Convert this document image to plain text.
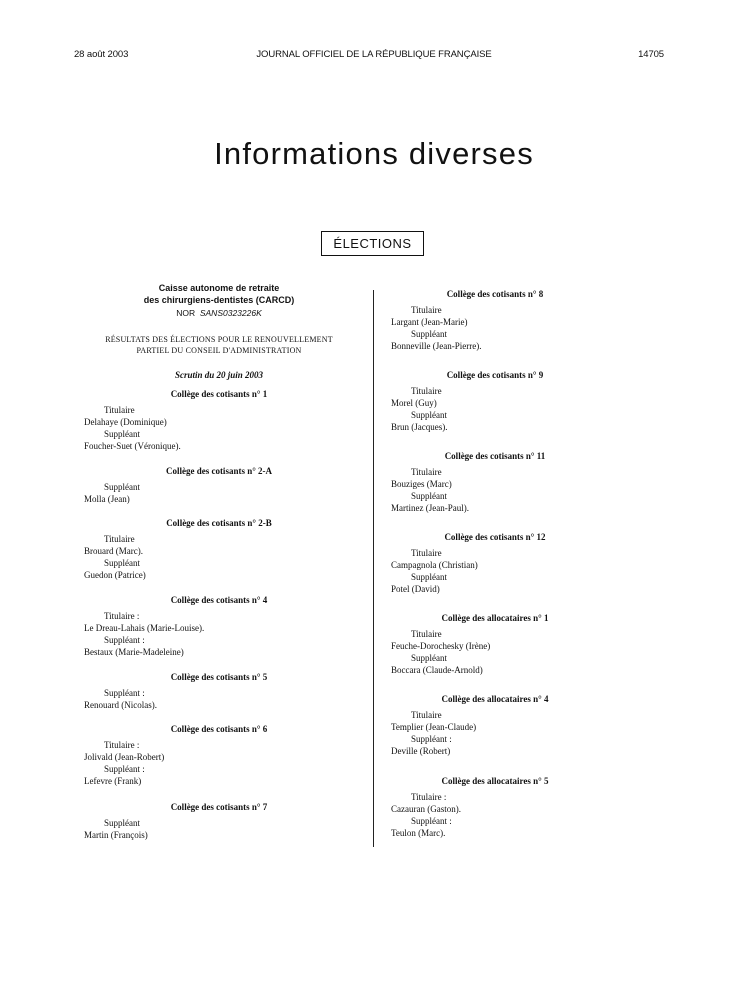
28 août 2003	JOURNAL OFFICIEL DE LA RÉPUBLIQUE FRANÇAISE	14705
Informations diverses
ÉLECTIONS
Caisse autonome de retraite
des chirurgiens-dentistes (CARCD)
NOR SANS0323226K
RÉSULTATS DES ÉLECTIONS POUR LE RENOUVELLEMENT
PARTIEL DU CONSEIL D'ADMINISTRATION
Scrutin du 20 juin 2003
Collège des cotisants n° 1
Titulaire
Delahaye (Dominique)
Suppléant
Foucher-Suet (Véronique).
Collège des cotisants n° 2-A
Suppléant
Molla (Jean)
Collège des cotisants n° 2-B
Titulaire
Brouard (Marc).
Suppléant
Guedon (Patrice)
Collège des cotisants n° 4
Titulaire :
Le Dreau-Lahais (Marie-Louise).
Suppléant :
Bestaux (Marie-Madeleine)
Collège des cotisants n° 5
Suppléant :
Renouard (Nicolas).
Collège des cotisants n° 6
Titulaire :
Jolivald (Jean-Robert)
Suppléant :
Lefevre (Frank)
Collège des cotisants n° 7
Suppléant
Martin (François)
Collège des cotisants n° 8
Titulaire
Largant (Jean-Marie)
Suppléant
Bonneville (Jean-Pierre).
Collège des cotisants n° 9
Titulaire
Morel (Guy)
Suppléant
Brun (Jacques).
Collège des cotisants n° 11
Titulaire
Bouziges (Marc)
Suppléant
Martinez (Jean-Paul).
Collège des cotisants n° 12
Titulaire
Campagnola (Christian)
Suppléant
Potel (David)
Collège des allocataires n° 1
Titulaire
Feuche-Dorochesky (Irène)
Suppléant
Boccara (Claude-Arnold)
Collège des allocataires n° 4
Titulaire
Templier (Jean-Claude)
Suppléant :
Deville (Robert)
Collège des allocataires n° 5
Titulaire :
Cazauran (Gaston).
Suppléant :
Teulon (Marc).
